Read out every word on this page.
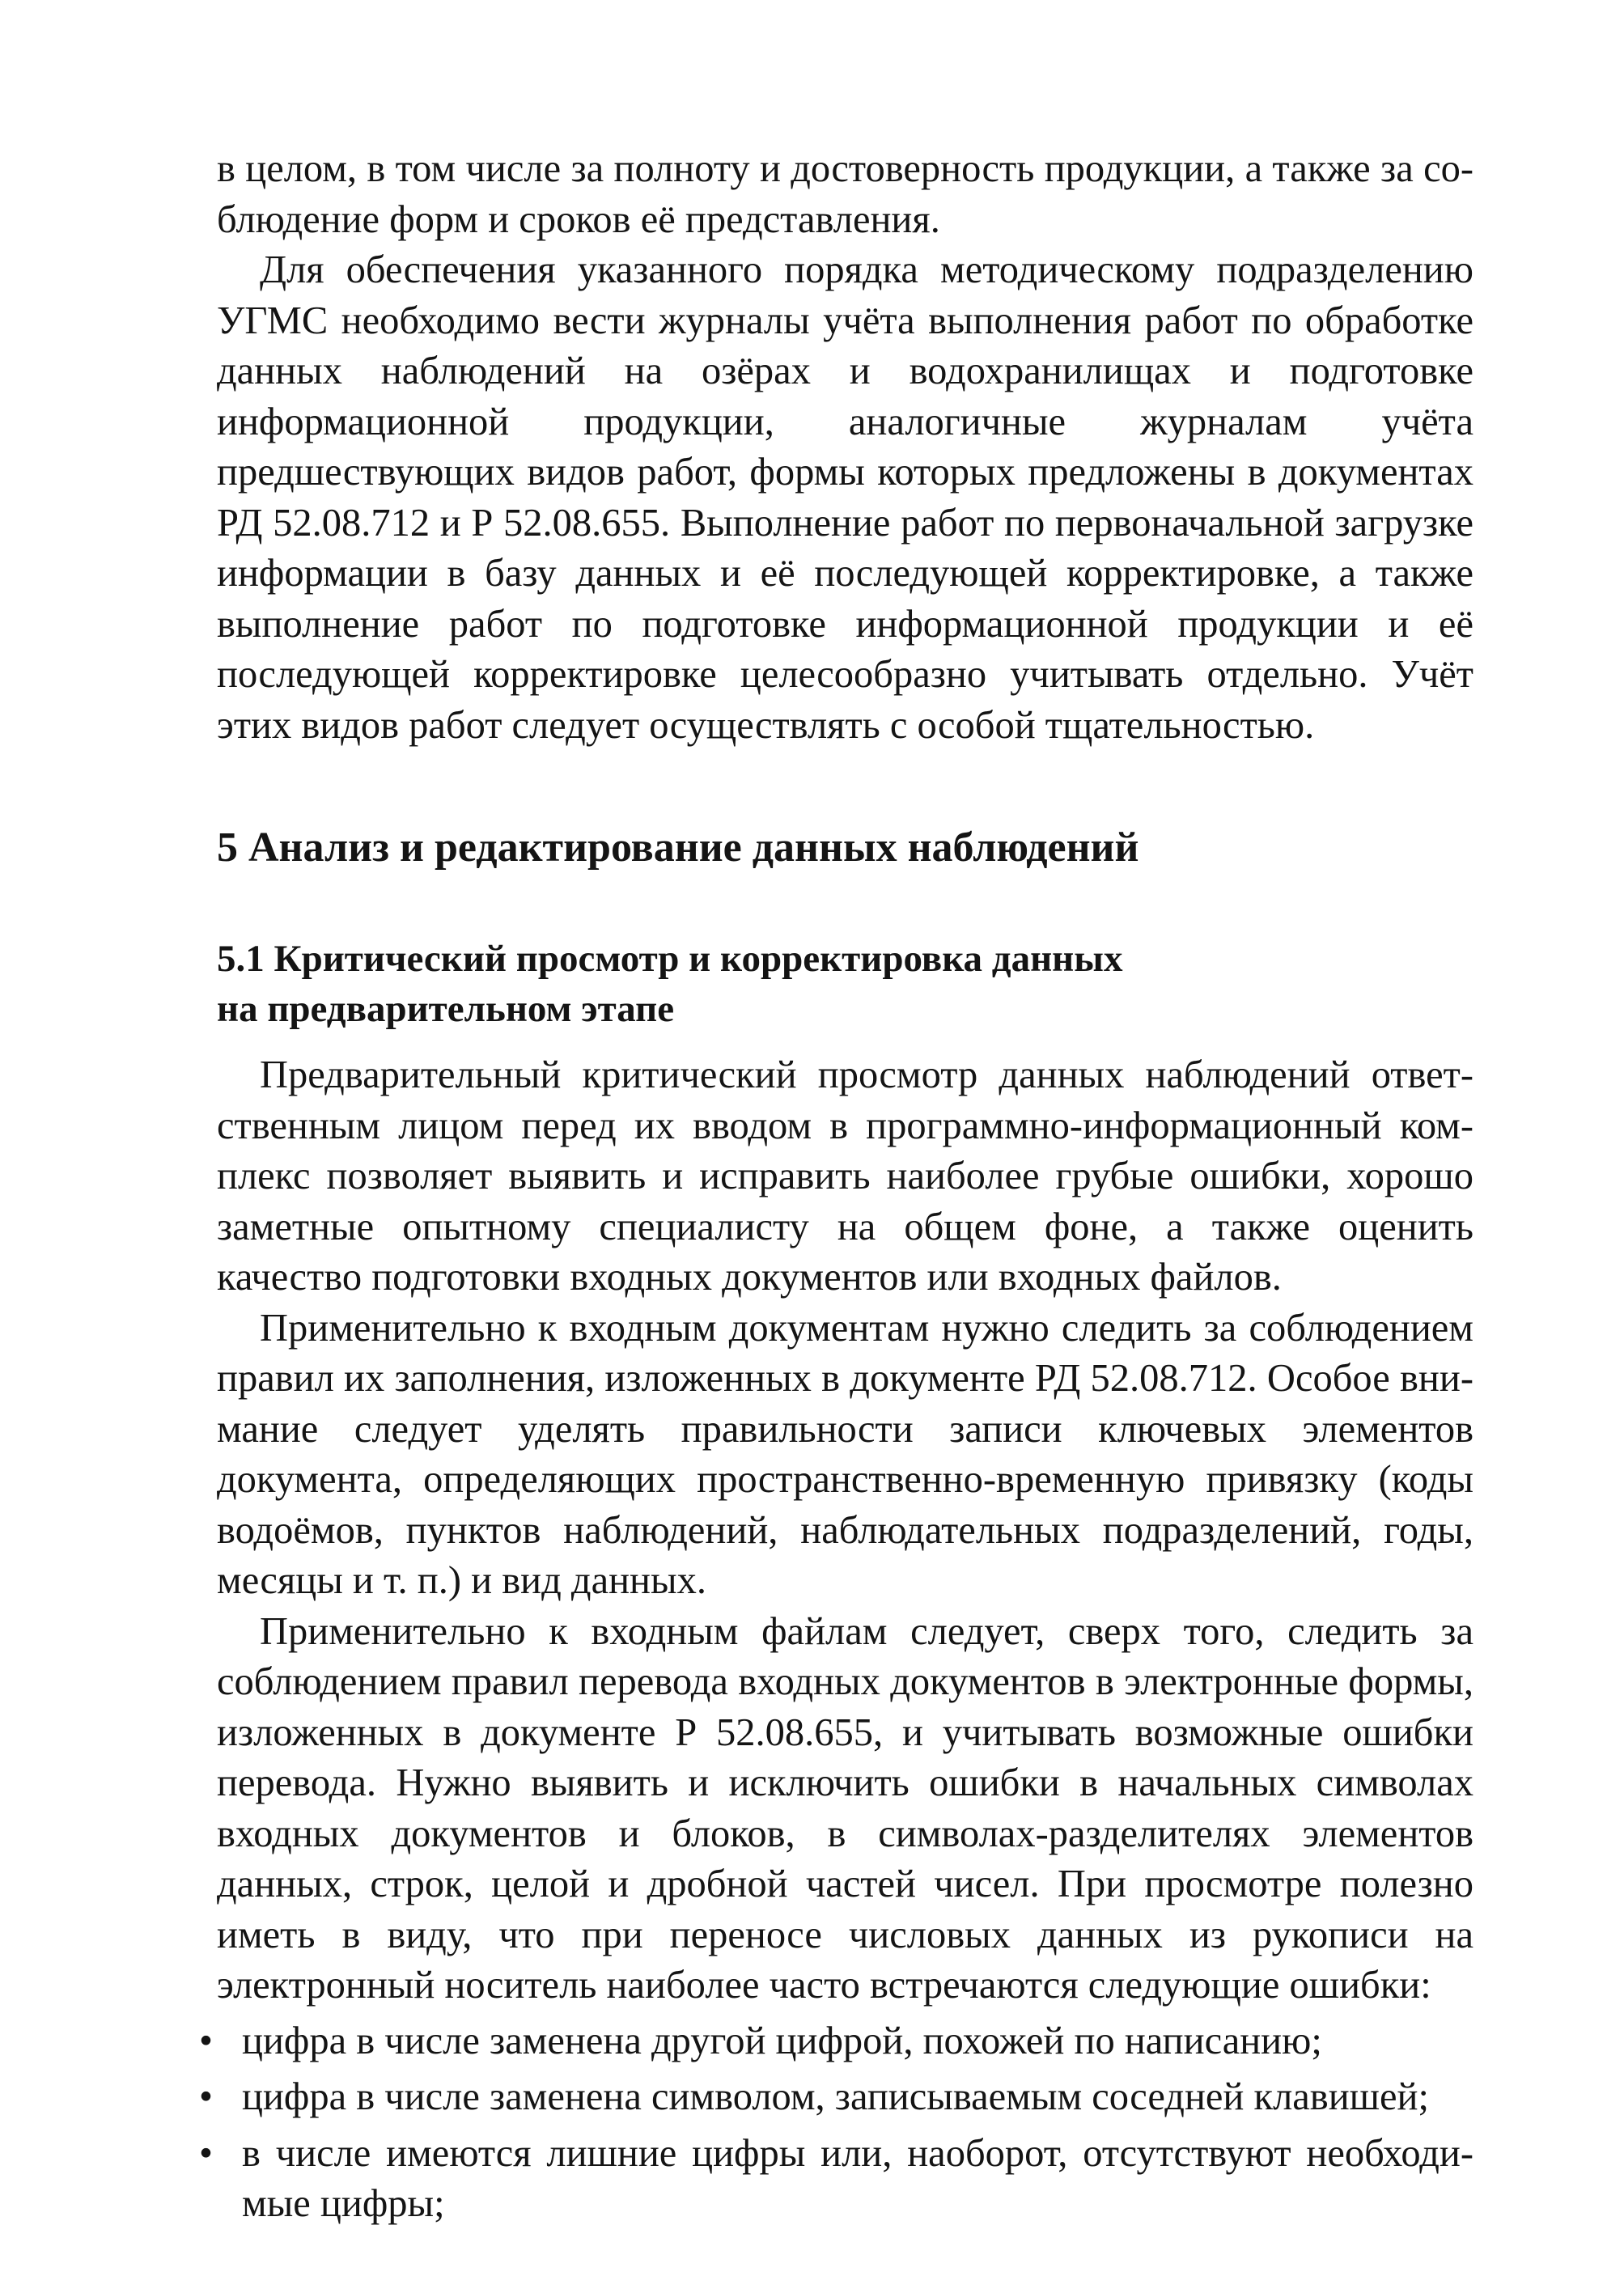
в целом, в том числе за полноту и достоверность продукции, а также за соблюдение форм и сроков её представления.

Для обеспечения указанного порядка методическому подразделению УГМС необходимо вести журналы учёта выполнения работ по обработке данных наблюдений на озёрах и водохранилищах и подготовке информационной продукции, аналогичные журналам учёта предшествующих видов работ, формы которых предложены в документах РД 52.08.712 и Р 52.08.655. Выполнение работ по первоначальной загрузке информации в базу данных и её последующей корректировке, а также выполнение работ по подготовке информационной продукции и её последующей корректировке целесообразно учитывать отдельно. Учёт этих видов работ следует осуществлять с особой тщательностью.

5 Анализ и редактирование данных наблюдений
5.1 Критический просмотр и корректировка данных
на предварительном этапе

Предварительный критический просмотр данных наблюдений ответственным лицом перед их вводом в программно-информационный комплекс позволяет выявить и исправить наиболее грубые ошибки, хорошо заметные опытному специалисту на общем фоне, а также оценить качество подготовки входных документов или входных файлов.

Применительно к входным документам нужно следить за соблюдением правил их заполнения, изложенных в документе РД 52.08.712. Особое внимание следует уделять правильности записи ключевых элементов документа, определяющих пространственно-временную привязку (коды водоёмов, пунктов наблюдений, наблюдательных подразделений, годы, месяцы и т. п.) и вид данных.

Применительно к входным файлам следует, сверх того, следить за соблюдением правил перевода входных документов в электронные формы, изложенных в документе Р 52.08.655, и учитывать возможные ошибки перевода. Нужно выявить и исключить ошибки в начальных символах входных документов и блоков, в символах-разделителях элементов данных, строк, целой и дробной частей чисел. При просмотре полезно иметь в виду, что при переносе числовых данных из рукописи на электронный носитель наиболее часто встречаются следующие ошибки:

• цифра в числе заменена другой цифрой, похожей по написанию;
• цифра в числе заменена символом, записываемым соседней клавишей;
• в числе имеются лишние цифры или, наоборот, отсутствуют необходимые цифры;
